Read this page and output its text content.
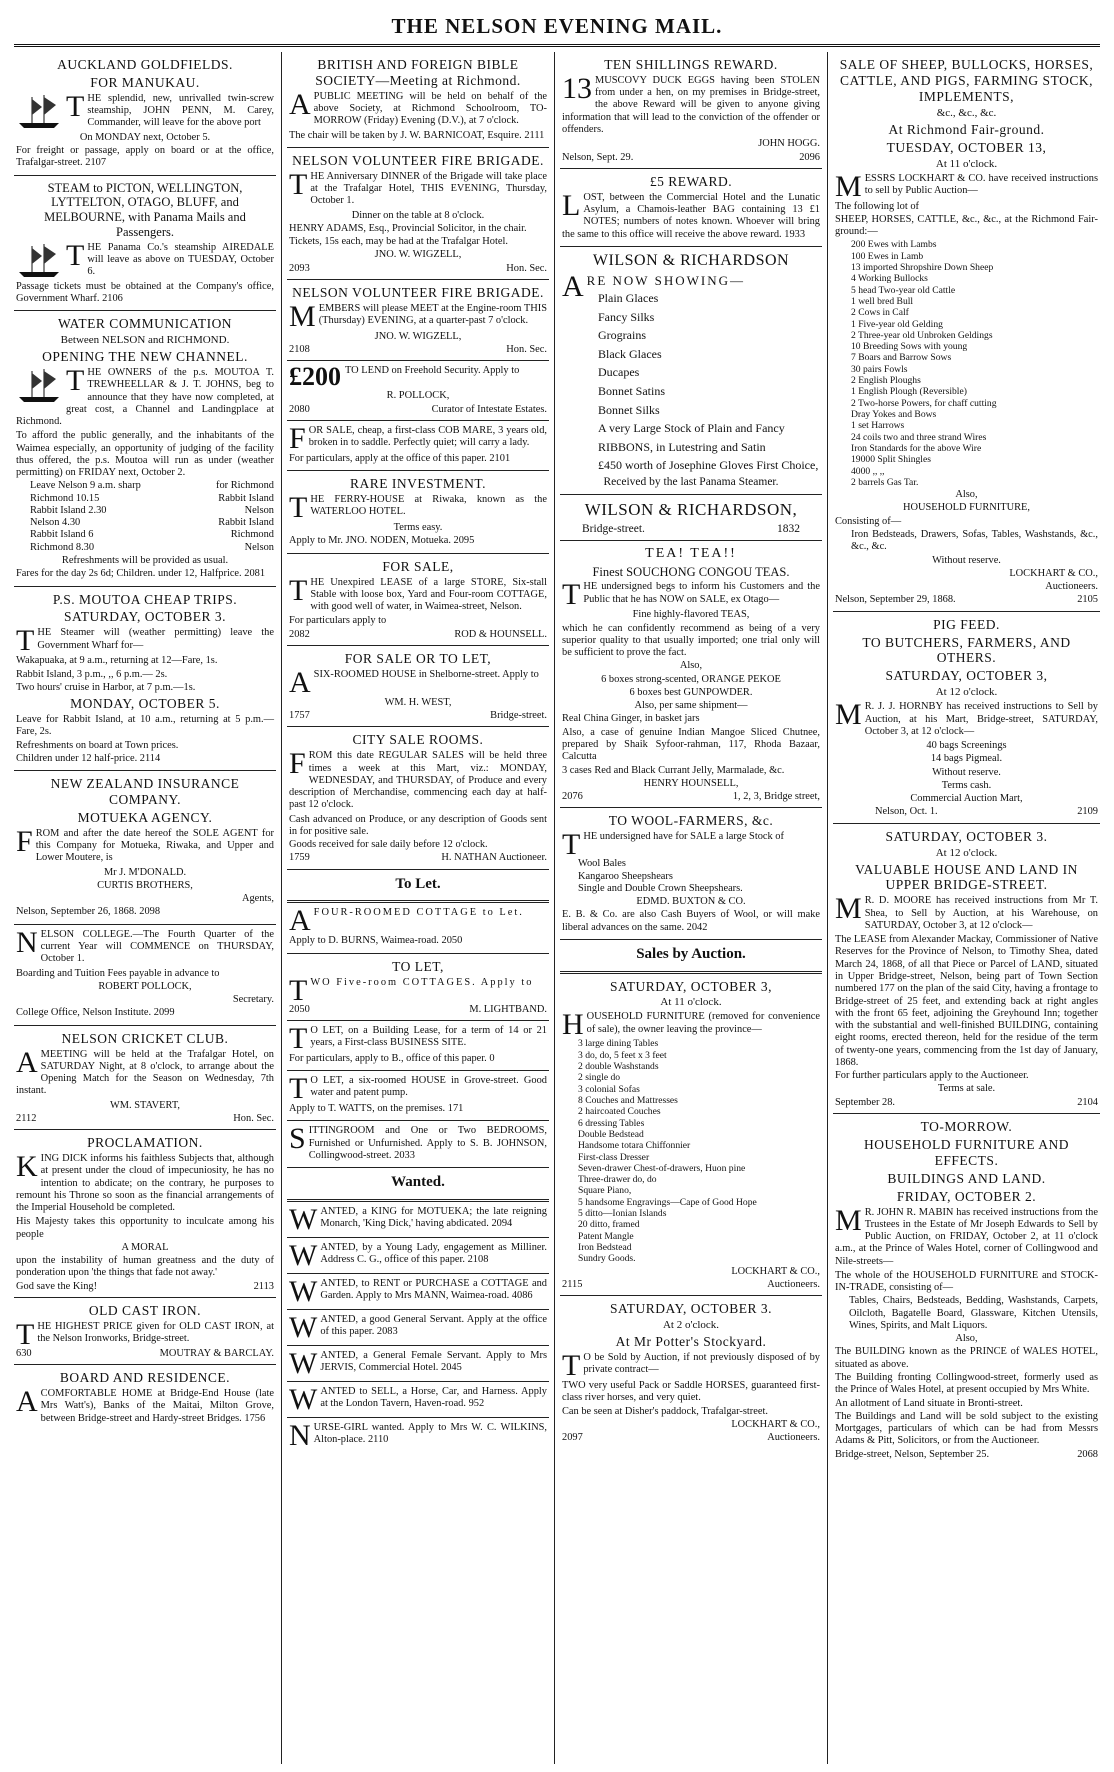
THE NELSON EVENING MAIL.
AUCKLAND GOLDFIELDS.
FOR MANUKAU.

THE splendid, new, unrivalled twin-screw steamship, JOHN PENN, M. Carey, Commander, will leave for the above port

On MONDAY next, October 5.

For freight or passage, apply on board or at the office, Trafalgar-street. 2107

STEAM to PICTON, WELLINGTON, LYTTELTON, OTAGO, BLUFF, and MELBOURNE, with Panama Mails and Passengers.

THE Panama Co.'s steamship AIREDALE will leave as above on TUESDAY, October 6.

Passage tickets must be obtained at the Company's office, Government Wharf. 2106

WATER COMMUNICATION
Between NELSON and RICHMOND.
OPENING THE NEW CHANNEL.

THE OWNERS of the p.s. MOUTOA T. TREWHEELLAR & J. T. JOHNS, beg to announce that they have now completed, at great cost, a Channel and Landingplace at Richmond.

To afford the public generally, and the inhabitants of the Waimea especially, an opportunity of judging of the facility thus offered, the p.s. Moutoa will run as under (weather permitting) on FRIDAY next, October 2.

Leave Nelson 9 a.m. sharp	for Richmond
Richmond 10.15	Rabbit Island
Rabbit Island 2.30	Nelson
Nelson 4.30	Rabbit Island
Rabbit Island 6	Richmond
Richmond 8.30	Nelson

Refreshments will be provided as usual.

Fares for the day 2s 6d; Children. under 12, Halfprice. 2081

P.S. MOUTOA CHEAP TRIPS.
SATURDAY, OCTOBER 3.

THE Steamer will (weather permitting) leave the Government Wharf for—

Wakapuaka, at 9 a.m., returning at 12—Fare, 1s.

Rabbit Island, 3 p.m., ,, 6 p.m.— 2s.

Two hours' cruise in Harbor, at 7 p.m.—1s.

MONDAY, OCTOBER 5.

Leave for Rabbit Island, at 10 a.m., returning at 5 p.m.—Fare, 2s.

Refreshments on board at Town prices.

Children under 12 half-price. 2114

NEW ZEALAND INSURANCE COMPANY.
MOTUEKA AGENCY.

FROM and after the date hereof the SOLE AGENT for this Company for Motueka, Riwaka, and Upper and Lower Moutere, is

Mr J. M'DONALD.

CURTIS BROTHERS,

Agents,

Nelson, September 26, 1868. 2098

NELSON COLLEGE.—The Fourth Quarter of the current Year will COMMENCE on THURSDAY, October 1.

Boarding and Tuition Fees payable in advance to

ROBERT POLLOCK,

Secretary.

College Office, Nelson Institute. 2099

NELSON CRICKET CLUB.

AMEETING will be held at the Trafalgar Hotel, on SATURDAY Night, at 8 o'clock, to arrange about the Opening Match for the Season on Wednesday, 7th instant.

WM. STAVERT,

2112	Hon. Sec.
PROCLAMATION.

KING DICK informs his faithless Subjects that, although at present under the cloud of impecuniosity, he has no intention to abdicate; on the contrary, he purposes to remount his Throne so soon as the financial arrangements of the Imperial Household be completed.

His Majesty takes this opportunity to inculcate among his people

A MORAL

upon the instability of human greatness and the duty of ponderation upon 'the things that fade not away.'

God save the King!	2113
OLD CAST IRON.

THE HIGHEST PRICE given for OLD CAST IRON, at the Nelson Ironworks, Bridge-street.

630	MOUTRAY & BARCLAY.
BOARD AND RESIDENCE.

ACOMFORTABLE HOME at Bridge-End House (late Mrs Watt's), Banks of the Maitai, Milton Grove, between Bridge-street and Hardy-street Bridges. 1756

BRITISH AND FOREIGN BIBLE SOCIETY—Meeting at Richmond.

APUBLIC MEETING will be held on behalf of the above Society, at Richmond Schoolroom, TO-MORROW (Friday) Evening (D.V.), at 7 o'clock.

The chair will be taken by J. W. BARNICOAT, Esquire. 2111

NELSON VOLUNTEER FIRE BRIGADE.

THE Anniversary DINNER of the Brigade will take place at the Trafalgar Hotel, THIS EVENING, Thursday, October 1.

Dinner on the table at 8 o'clock.

HENRY ADAMS, Esq., Provincial Solicitor, in the chair.

Tickets, 15s each, may be had at the Trafalgar Hotel.

JNO. W. WIGZELL,

2093	Hon. Sec.
NELSON VOLUNTEER FIRE BRIGADE.

MEMBERS will please MEET at the Engine-room THIS (Thursday) EVENING, at a quarter-past 7 o'clock.

JNO. W. WIGZELL,

2108	Hon. Sec.

£200 TO LEND on Freehold Security. Apply to

R. POLLOCK,

2080	Curator of Intestate Estates.

FOR SALE, cheap, a first-class COB MARE, 3 years old, broken in to saddle. Perfectly quiet; will carry a lady.

For particulars, apply at the office of this paper. 2101

RARE INVESTMENT.

THE FERRY-HOUSE at Riwaka, known as the WATERLOO HOTEL.

Terms easy.

Apply to Mr. JNO. NODEN, Motueka. 2095

FOR SALE,

THE Unexpired LEASE of a large STORE, Six-stall Stable with loose box, Yard and Four-room COTTAGE, with good well of water, in Waimea-street, Nelson.

For particulars apply to

2082	ROD & HOUNSELL.
FOR SALE OR TO LET,

ASIX-ROOMED HOUSE in Shelborne-street. Apply to

WM. H. WEST,

1757	Bridge-street.
CITY SALE ROOMS.

FROM this date REGULAR SALES will be held three times a week at this Mart, viz.: MONDAY, WEDNESDAY, and THURSDAY, of Produce and every description of Merchandise, commencing each day at half-past 12 o'clock.

Cash advanced on Produce, or any description of Goods sent in for positive sale.

Goods received for sale daily before 12 o'clock.

1759	H. NATHAN Auctioneer.
To Let.

AFOUR-ROOMED COTTAGE to Let.

Apply to D. BURNS, Waimea-road. 2050

TO LET,

TWO Five-room COTTAGES. Apply to

2050	M. LIGHTBAND.

T O LET, on a Building Lease, for a term of 14 or 21 years, a First-class BUSINESS SITE.

For particulars, apply to B., office of this paper. 0

T O LET, a six-roomed HOUSE in Grove-street. Good water and patent pump.

Apply to T. WATTS, on the premises. 171

SITTINGROOM and One or Two BEDROOMS, Furnished or Unfurnished. Apply to S. B. JOHNSON, Collingwood-street. 2033

Wanted.

WANTED, a KING for MOTUEKA; the late reigning Monarch, 'King Dick,' having abdicated. 2094

WANTED, by a Young Lady, engagement as Milliner. Address C. G., office of this paper. 2108

WANTED, to RENT or PURCHASE a COTTAGE and Garden. Apply to Mrs MANN, Waimea-road. 4086

WANTED, a good General Servant. Apply at the office of this paper. 2083

WANTED, a General Female Servant. Apply to Mrs JERVIS, Commercial Hotel. 2045

WANTED to SELL, a Horse, Car, and Harness. Apply at the London Tavern, Haven-road. 952

NURSE-GIRL wanted. Apply to Mrs W. C. WILKINS, Alton-place. 2110

TEN SHILLINGS REWARD.

13 MUSCOVY DUCK EGGS having been STOLEN from under a hen, on my premises in Bridge-street, the above Reward will be given to anyone giving information that will lead to the conviction of the offender or offenders.

JOHN HOGG.

Nelson, Sept. 29.	2096
£5 REWARD.

LOST, between the Commercial Hotel and the Lunatic Asylum, a Chamois-leather BAG containing 13 £1 NOTES; numbers of notes known. Whoever will bring the same to this office will receive the above reward. 1933

WILSON & RICHARDSON

ARE NOW SHOWING—

Plain Glaces
Fancy Silks
Grograins
Black Glaces
Ducapes
Bonnet Satins
Bonnet Silks
A very Large Stock of Plain and Fancy RIBBONS, in Lutestring and Satin
£450 worth of Josephine Gloves First Choice,

Received by the last Panama Steamer.

WILSON & RICHARDSON,
Bridge-street.	1832
TEA! TEA!!
Finest SOUCHONG CONGOU TEAS.

THE undersigned begs to inform his Customers and the Public that he has NOW on SALE, ex Otago—

Fine highly-flavored TEAS,

which he can confidently recommend as being of a very superior quality to that usually imported; one trial only will be sufficient to prove the fact.

Also,

6 boxes strong-scented, ORANGE PEKOE

6 boxes best GUNPOWDER.

Also, per same shipment—

Real China Ginger, in basket jars

Also, a case of genuine Indian Mangoe Sliced Chutnee, prepared by Shaik Syfoor-rahman, 117, Rhoda Bazaar, Calcutta

3 cases Red and Black Currant Jelly, Marmalade, &c.

HENRY HOUNSELL,

2076	1, 2, 3, Bridge street,
TO WOOL-FARMERS, &c.

THE undersigned have for SALE a large Stock of

Wool Bales
Kangaroo Sheepshears
Single and Double Crown Sheepshears.

EDMD. BUXTON & CO.

E. B. & Co. are also Cash Buyers of Wool, or will make liberal advances on the same. 2042

Sales by Auction.
SATURDAY, OCTOBER 3,
At 11 o'clock.

HOUSEHOLD FURNITURE (removed for convenience of sale), the owner leaving the province—

3 large dining Tables
3 do, do, 5 feet x 3 feet
2 double Washstands
2 single do
3 colonial Sofas
8 Couches and Mattresses
2 haircoated Couches
6 dressing Tables
Double Bedstead
Handsome totara Chiffonnier
First-class Dresser
Seven-drawer Chest-of-drawers, Huon pine
Three-drawer do, do
Square Piano,
5 handsome Engravings—Cape of Good Hope
5 ditto—Ionian Islands
20 ditto, framed
Patent Mangle
Iron Bedstead
Sundry Goods.

LOCKHART & CO.,

2115	Auctioneers.
SATURDAY, OCTOBER 3.
At 2 o'clock.
At Mr Potter's Stockyard.

T O be Sold by Auction, if not previously disposed of by private contract—

TWO very useful Pack or Saddle HORSES, guaranteed first-class river horses, and very quiet.

Can be seen at Disher's paddock, Trafalgar-street.

LOCKHART & CO.,

2097	Auctioneers.
SALE OF SHEEP, BULLOCKS, HORSES, CATTLE, AND PIGS, FARMING STOCK, IMPLEMENTS,
&c., &c., &c.
At Richmond Fair-ground.
TUESDAY, OCTOBER 13,
At 11 o'clock.

MESSRS LOCKHART & CO. have received instructions to sell by Public Auction—

The following lot of

SHEEP, HORSES, CATTLE, &c., &c., at the Richmond Fair-ground:—

200 Ewes with Lambs
100 Ewes in Lamb
13 imported Shropshire Down Sheep
4 Working Bullocks
5 head Two-year old Cattle
1 well bred Bull
2 Cows in Calf
1 Five-year old Gelding
2 Three-year old Unbroken Geldings
10 Breeding Sows with young
7 Boars and Barrow Sows
30 pairs Fowls
2 English Ploughs
1 English Plough (Reversible)
2 Two-horse Powers, for chaff cutting
Dray Yokes and Bows
1 set Harrows
24 coils two and three strand Wires
Iron Standards for the above Wire
19000 Split Shingles
4000 ,, ,,
2 barrels Gas Tar.

Also,

HOUSEHOLD FURNITURE,

Consisting of—

Iron Bedsteads, Drawers, Sofas, Tables, Washstands, &c., &c., &c.

Without reserve.

LOCKHART & CO.,

Auctioneers.

Nelson, September 29, 1868.	2105
PIG FEED.
TO BUTCHERS, FARMERS, AND OTHERS.
SATURDAY, OCTOBER 3,
At 12 o'clock.

M R. J. J. HORNBY has received instructions to Sell by Auction, at his Mart, Bridge-street, SATURDAY, October 3, at 12 o'clock—

40 bags Screenings

14 bags Pigmeal.

Without reserve.

Terms cash.

Commercial Auction Mart,

Nelson, Oct. 1.	2109
SATURDAY, OCTOBER 3.
At 12 o'clock.
VALUABLE HOUSE AND LAND IN UPPER BRIDGE-STREET.

M R. D. MOORE has received instructions from Mr T. Shea, to Sell by Auction, at his Warehouse, on SATURDAY, October 3, at 12 o'clock—

The LEASE from Alexander Mackay, Commissioner of Native Reserves for the Province of Nelson, to Timothy Shea, dated March 24, 1868, of all that Piece or Parcel of LAND, situated in Upper Bridge-street, Nelson, being part of Town Section numbered 177 on the plan of the said City, having a frontage to Bridge-street of 25 feet, and extending back at right angles with the front 65 feet, adjoining the Greyhound Inn; together with the substantial and well-finished BUILDING, containing eight rooms, erected thereon, held for the residue of the term of twenty-one years, commencing from the 1st day of January, 1868.

For further particulars apply to the Auctioneer.

Terms at sale.

September 28.	2104
TO-MORROW.
HOUSEHOLD FURNITURE AND EFFECTS.
BUILDINGS AND LAND.
FRIDAY, OCTOBER 2.

M R. JOHN R. MABIN has received instructions from the Trustees in the Estate of Mr Joseph Edwards to Sell by Public Auction, on FRIDAY, October 2, at 11 o'clock a.m., at the Prince of Wales Hotel, corner of Collingwood and Nile-streets—

The whole of the HOUSEHOLD FURNITURE and STOCK-IN-TRADE, consisting of—

Tables, Chairs, Bedsteads, Bedding, Washstands, Carpets, Oilcloth, Bagatelle Board, Glassware, Kitchen Utensils, Wines, Spirits, and Malt Liquors.

Also,

The BUILDING known as the PRINCE of WALES HOTEL, situated as above.

The Building fronting Collingwood-street, formerly used as the Prince of Wales Hotel, at present occupied by Mrs White.

An allotment of Land situate in Bronti-street.

The Buildings and Land will be sold subject to the existing Mortgages, particulars of which can be had from Messrs Adams & Pitt, Solicitors, or from the Auctioneer.

Bridge-street, Nelson, September 25.	2068
